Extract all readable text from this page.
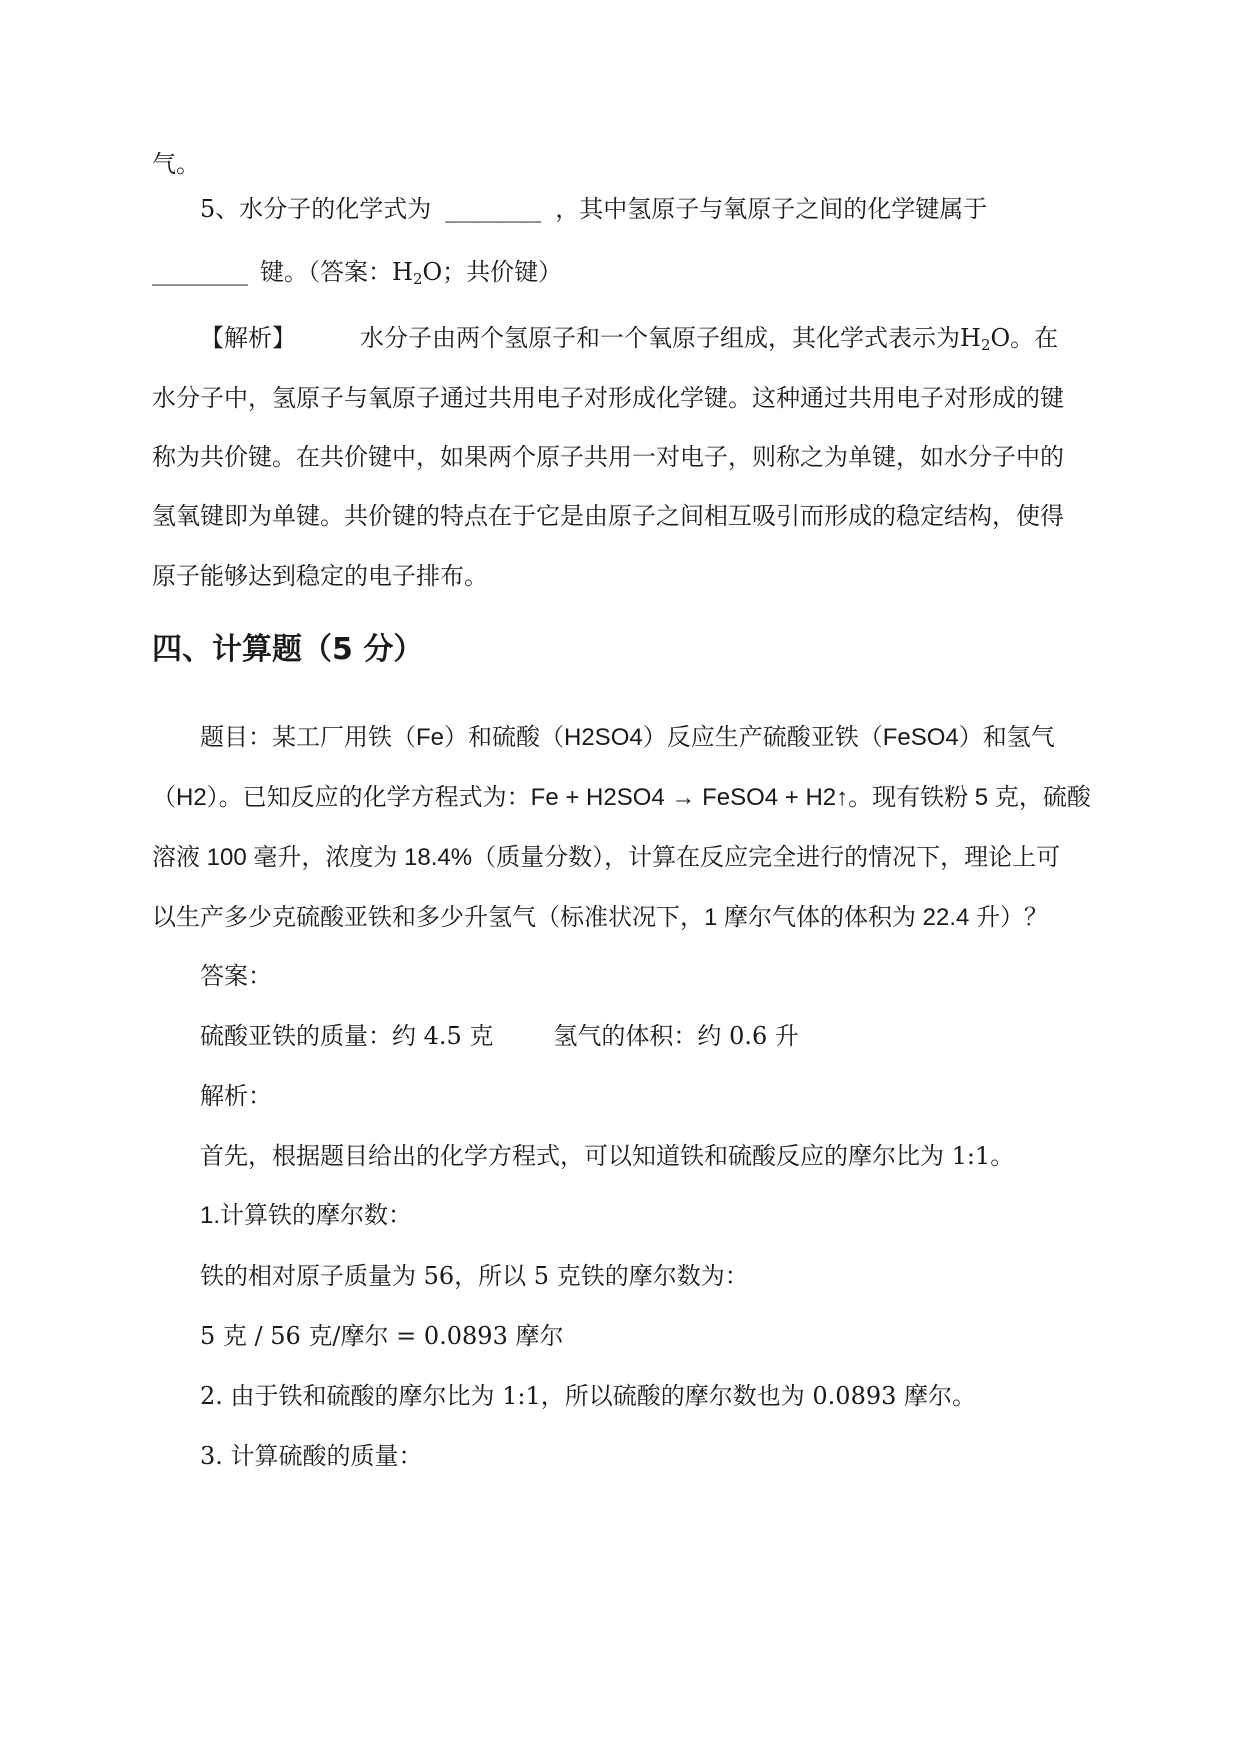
气。
5、水分子的化学式为 ________ ，其中氢原子与氧原子之间的化学键属于
________ 键。（答案：$H_2O$；共价键）
【解析】	水分子由两个氢原子和一个氧原子组成，其化学式表示为$H_2O$。在
水分子中，氢原子与氧原子通过共用电子对形成化学键。这种通过共用电子对形成的键
称为共价键。在共价键中，如果两个原子共用一对电子，则称之为单键，如水分子中的
氢氧键即为单键。共价键的特点在于它是由原子之间相互吸引而形成的稳定结构，使得
原子能够达到稳定的电子排布。
四、计算题（5 分）
题目：某工厂用铁（Fe）和硫酸（H2SO4）反应生产硫酸亚铁（FeSO4）和氢气
（H2）。已知反应的化学方程式为：Fe + H2SO4 → FeSO4 + H2↑。现有铁粉 5 克，硫酸
溶液 100 毫升，浓度为 18.4%（质量分数），计算在反应完全进行的情况下，理论上可
以生产多少克硫酸亚铁和多少升氢气（标准状况下，1 摩尔气体的体积为 22.4 升）？
答案：
硫酸亚铁的质量：约 4.5 克	氢气的体积：约 0.6 升
解析：
首先，根据题目给出的化学方程式，可以知道铁和硫酸反应的摩尔比为 1:1。
1.计算铁的摩尔数：
铁的相对原子质量为 56，所以 5 克铁的摩尔数为：
5 克 / 56 克/摩尔 = 0.0893 摩尔
2. 由于铁和硫酸的摩尔比为 1:1，所以硫酸的摩尔数也为 0.0893 摩尔。
3. 计算硫酸的质量：
